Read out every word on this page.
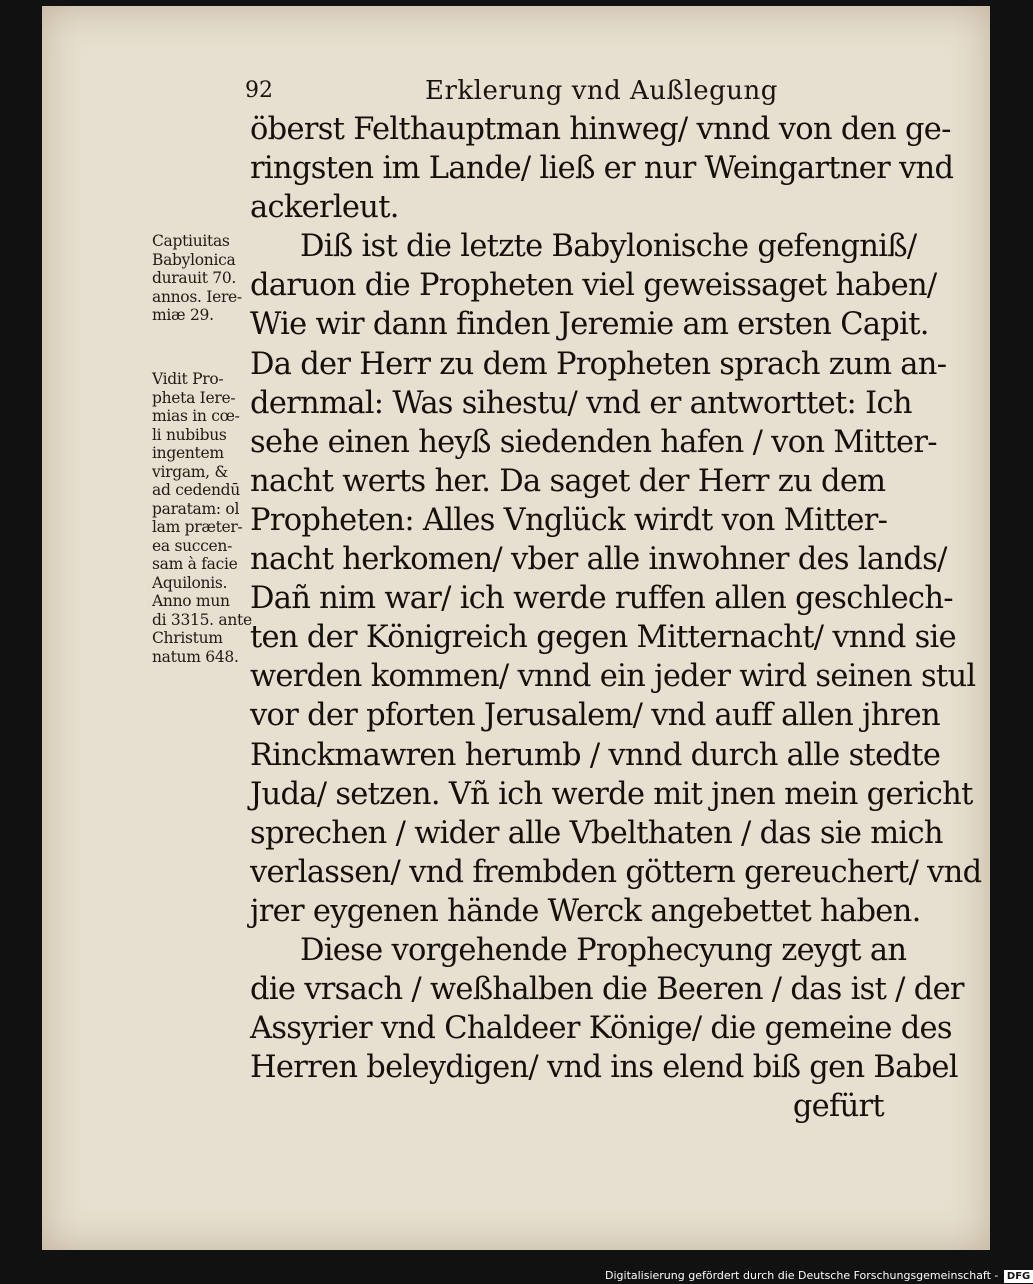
92	Erklerung vnd Außlegung
Captiuitas
Babylonica
durauit 70.
annos. Iere-
miæ 29.
Vidit Pro-
pheta Iere-
mias in cœ-
li nubibus
ingentem
virgam, &
ad cedendū
paratam: ol
lam præter-
ea succen-
sam à facie
Aquilonis.
Anno mun
di 3315. ante
Christum
natum 648.
öberst Felthauptman hinweg/ vnnd von den ge-
ringsten im Lande/ ließ er nur Weingartner vnd
ackerleut.
Diß ist die letzte Babylonische gefengniß/
daruon die Propheten viel geweissaget haben/
Wie wir dann finden Jeremie am ersten Capit.
Da der Herr zu dem Propheten sprach zum an-
dernmal: Was sihestu/ vnd er antworttet: Ich
sehe einen heyß siedenden hafen / von Mitter-
nacht werts her. Da saget der Herr zu dem
Propheten: Alles Vnglück wirdt von Mitter-
nacht herkomen/ vber alle inwohner des lands/
Dañ nim war/ ich werde ruffen allen geschlech-
ten der Königreich gegen Mitternacht/ vnnd sie
werden kommen/ vnnd ein jeder wird seinen stul
vor der pforten Jerusalem/ vnd auff allen jhren
Rinckmawren herumb / vnnd durch alle stedte
Juda/ setzen. Vñ ich werde mit jnen mein gericht
sprechen / wider alle Vbelthaten / das sie mich
verlassen/ vnd frembden göttern gereuchert/ vnd
jrer eygenen hände Werck angebettet haben.
Diese vorgehende Prophecyung zeygt an
die vrsach / weßhalben die Beeren / das ist / der
Assyrier vnd Chaldeer Könige/ die gemeine des
Herren beleydigen/ vnd ins elend biß gen Babel
gefürt
Digitalisierung gefördert durch die Deutsche Forschungsgemeinschaft - DFG
